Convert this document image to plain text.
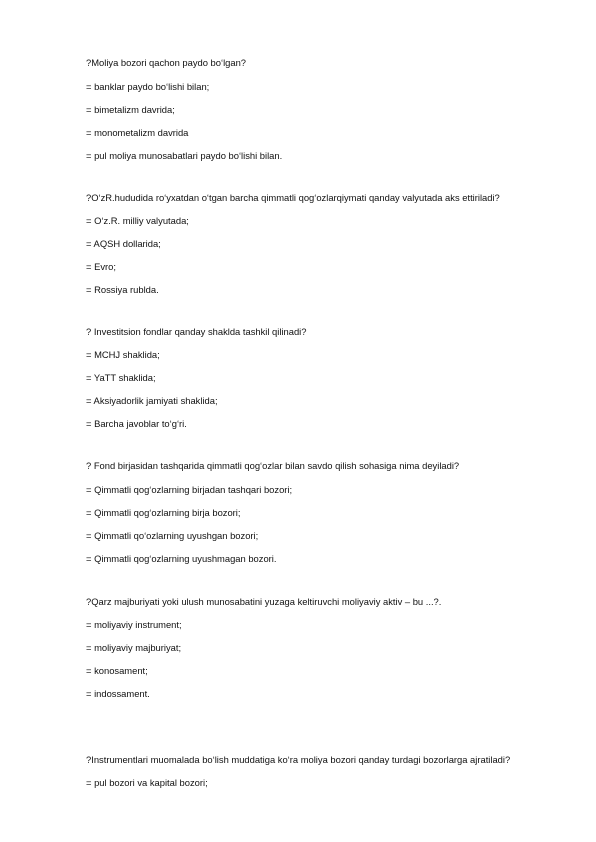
?Moliya bozori qachon paydo bo‘lgan?
= banklar paydo bo‘lishi bilan;
= bimetalizm davrida;
= monometalizm davrida
= pul moliya munosabatlari paydo bo‘lishi bilan.
?O‘zR.hududida ro‘yxatdan o‘tgan barcha qimmatli qog‘ozlarqiymati qanday valyutada aks ettiriladi?
= O‘z.R. milliy valyutada;
= AQSH dollarida;
= Evro;
= Rossiya rublda.
? Investitsion fondlar qanday shaklda tashkil qilinadi?
= MCHJ shaklida;
= YaTT shaklida;
= Aksiyadorlik jamiyati shaklida;
= Barcha javoblar to‘g‘ri.
? Fond birjasidan tashqarida qimmatli qog‘ozlar bilan savdo qilish sohasiga nima deyiladi?
= Qimmatli qog‘ozlarning birjadan tashqari bozori;
= Qimmatli qog‘ozlarning birja bozori;
= Qimmatli qo‘ozlarning uyushgan bozori;
= Qimmatli qog‘ozlarning uyushmagan bozori.
?Qarz majburiyati yoki ulush munosabatini yuzaga keltiruvchi moliyaviy aktiv – bu ...?.
= moliyaviy instrument;
= moliyaviy majburiyat;
= konosament;
= indossament.
?Instrumentlari muomalada bo‘lish muddatiga ko‘ra moliya bozori qanday turdagi bozorlarga ajratiladi?
= pul bozori va kapital bozori;
